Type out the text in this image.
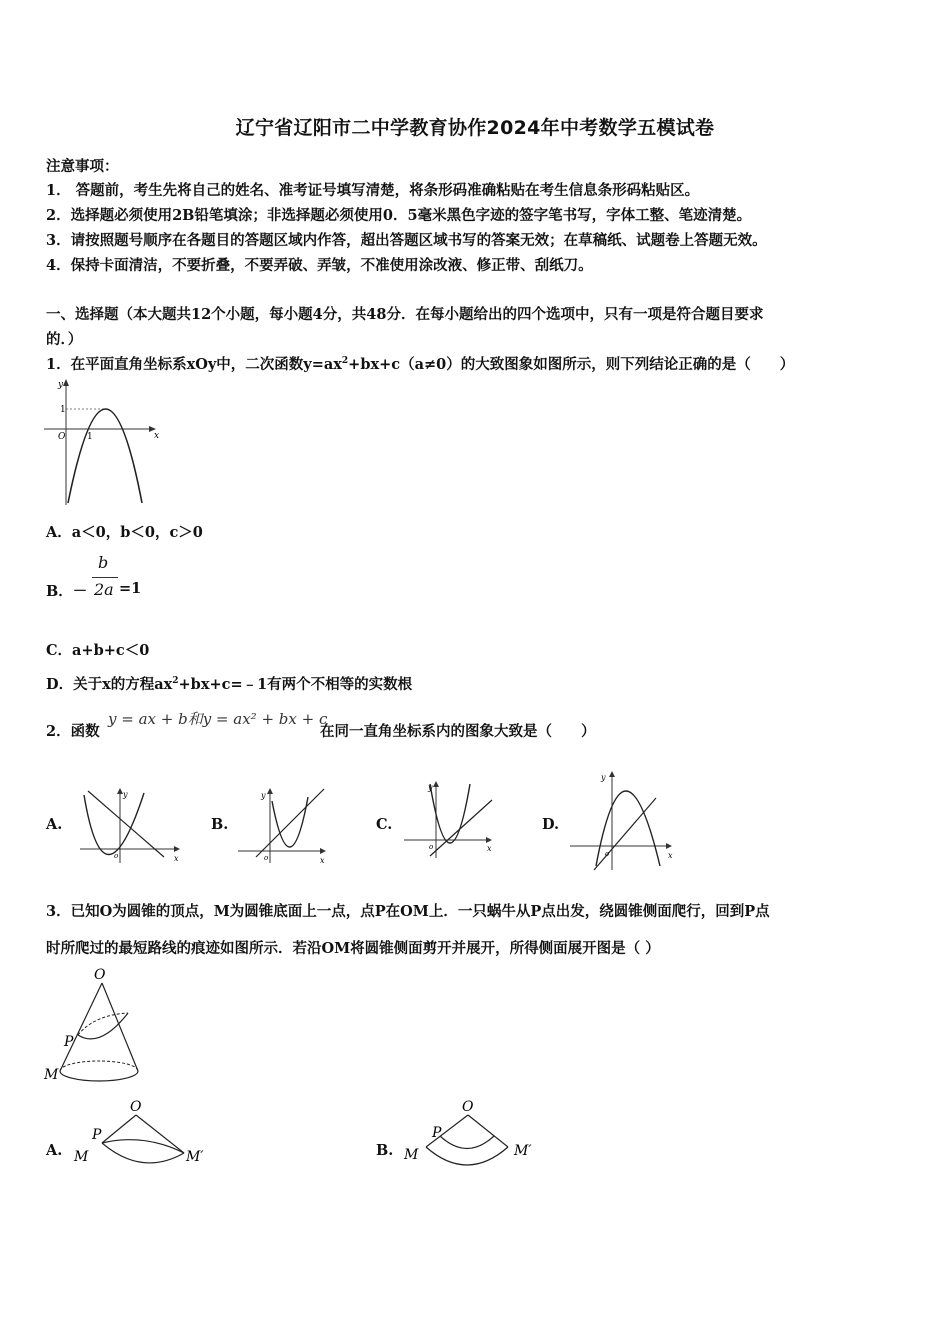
辽宁省辽阳市二中学教育协作2024年中考数学五模试卷
注意事项：
1． 答题前，考生先将自己的姓名、准考证号填写清楚，将条形码准确粘贴在考生信息条形码粘贴区。
2．选择题必须使用2B铅笔填涂；非选择题必须使用0．5毫米黑色字迹的签字笔书写，字体工整、笔迹清楚。
3．请按照题号顺序在各题目的答题区域内作答，超出答题区域书写的答案无效；在草稿纸、试题卷上答题无效。
4．保持卡面清洁，不要折叠，不要弄破、弄皱，不准使用涂改液、修正带、刮纸刀。
一、选择题（本大题共12个小题，每小题4分，共48分．在每小题给出的四个选项中，只有一项是符合题目要求
的．）
1．在平面直角坐标系xOy中，二次函数$y=ax^2+bx+c(a\ne 0)$的大致图象如图所示，则下列结论正确的是（　　）
y
x
O
1
1
A．a＜0，b＜0，c＞0
B．－
b
2a =1
C．a+b+c＜0
D．关于x的方程$ax^2+bx+c=﹣1$有两个不相等的实数根
2．函数
y = ax + b和y = ax² + bx + c
在同一直角坐标系内的图象大致是（　　）
A.
y
x
o
B.
y
x
o
C.
y
x
o
D.
y
x
o
3．已知O为圆锥的顶点，M为圆锥底面上一点，点P在OM上．一只蜗牛从P点出发，绕圆锥侧面爬行，回到P点
时所爬过的最短路线的痕迹如图所示．若沿OM将圆锥侧面剪开并展开，所得侧面展开图是（ ）
O
P
M
A.
O
P
M	M′	B.
O
P
M	M′
